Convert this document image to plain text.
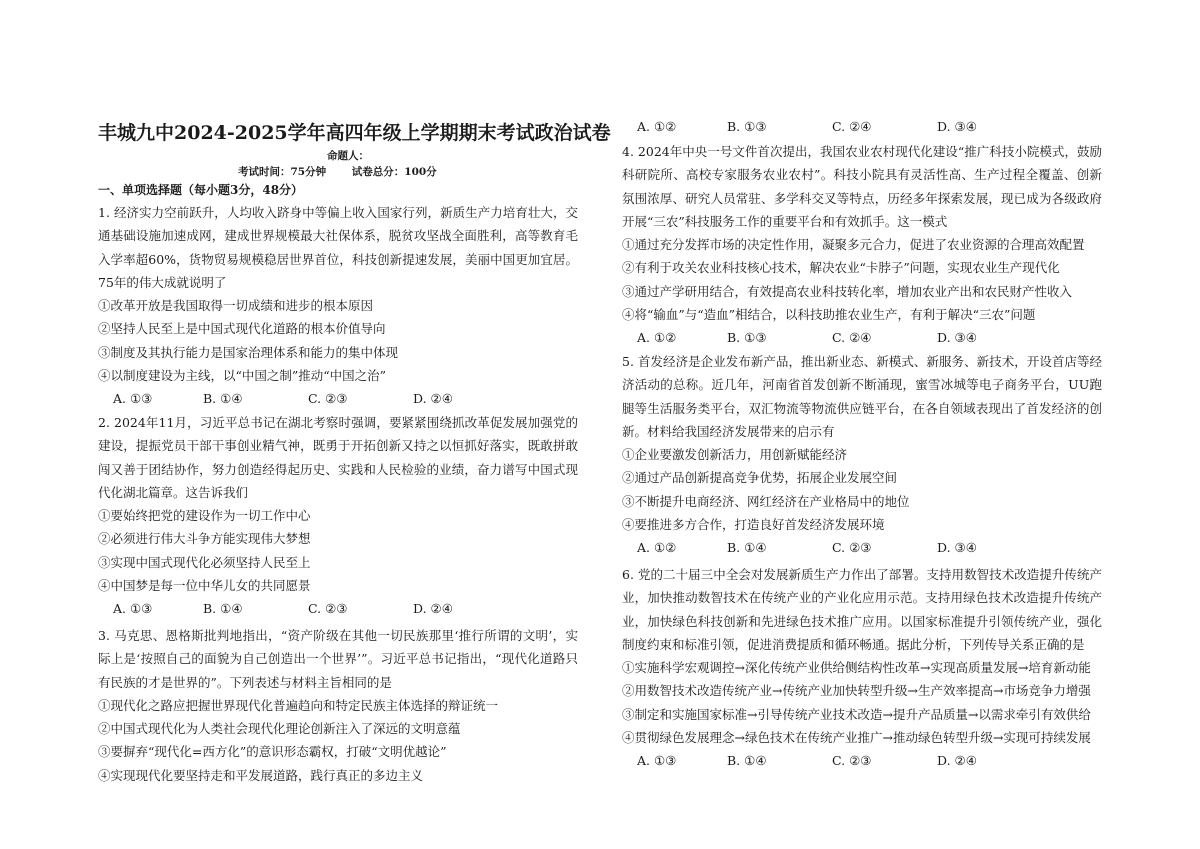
丰城九中2024-2025学年高四年级上学期期末考试政治试卷
命题人：
考试时间：75分钟 试卷总分：100分
一、单项选择题（每小题3分，48分）
1. 经济实力空前跃升，人均收入跻身中等偏上收入国家行列，新质生产力培育壮大，交通基础设施加速成网，建成世界规模最大社保体系，脱贫攻坚战全面胜利，高等教育毛入学率超60%，货物贸易规模稳居世界首位，科技创新提速发展，美丽中国更加宜居。75年的伟大成就说明了
①改革开放是我国取得一切成绩和进步的根本原因
②坚持人民至上是中国式现代化道路的根本价值导向
③制度及其执行能力是国家治理体系和能力的集中体现
④以制度建设为主线，以“中国之制”推动“中国之治”
A. ①③	B. ①④	C. ②③	D. ②④
2. 2024年11月，习近平总书记在湖北考察时强调，要紧紧围绕抓改革促发展加强党的建设，提振党员干部干事创业精气神，既勇于开拓创新又持之以恒抓好落实，既敢拼敢闯又善于团结协作，努力创造经得起历史、实践和人民检验的业绩，奋力谱写中国式现代化湖北篇章。这告诉我们
①要始终把党的建设作为一切工作中心
②必须进行伟大斗争方能实现伟大梦想
③实现中国式现代化必须坚持人民至上
④中国梦是每一位中华儿女的共同愿景
A. ①③	B. ①④	C. ②③	D. ②④
3. 马克思、恩格斯批判地指出，“资产阶级在其他一切民族那里‘推行所谓的文明’，实际上是‘按照自己的面貌为自己创造出一个世界’”。习近平总书记指出，“现代化道路只有民族的才是世界的”。下列表述与材料主旨相同的是
①现代化之路应把握世界现代化普遍趋向和特定民族主体选择的辩证统一
②中国式现代化为人类社会现代化理论创新注入了深远的文明意蕴
③要摒弃“现代化=西方化”的意识形态霸权，打破“文明优越论”
④实现现代化要坚持走和平发展道路，践行真正的多边主义
A. ①②	B. ①③	C. ②④	D. ③④
4. 2024年中央一号文件首次提出，我国农业农村现代化建设“推广科技小院模式，鼓励科研院所、高校专家服务农业农村”。科技小院具有灵活性高、生产过程全覆盖、创新氛围浓厚、研究人员常驻、多学科交叉等特点，历经多年探索发展，现已成为各级政府开展“三农”科技服务工作的重要平台和有效抓手。这一模式
①通过充分发挥市场的决定性作用，凝聚多元合力，促进了农业资源的合理高效配置
②有利于攻关农业科技核心技术，解决农业“卡脖子”问题，实现农业生产现代化
③通过产学研用结合，有效提高农业科技转化率，增加农业产出和农民财产性收入
④将“输血”与“造血”相结合，以科技助推农业生产，有利于解决“三农”问题
A. ①②	B. ①③	C. ②④	D. ③④
5. 首发经济是企业发布新产品，推出新业态、新模式、新服务、新技术，开设首店等经济活动的总称。近几年，河南省首发创新不断涌现，蜜雪冰城等电子商务平台，UU跑腿等生活服务类平台，双汇物流等物流供应链平台，在各自领域表现出了首发经济的创新。材料给我国经济发展带来的启示有
①企业要激发创新活力，用创新赋能经济
②通过产品创新提高竞争优势，拓展企业发展空间
③不断提升电商经济、网红经济在产业格局中的地位
④要推进多方合作，打造良好首发经济发展环境
A. ①②	B. ①④	C. ②③	D. ③④
6. 党的二十届三中全会对发展新质生产力作出了部署。支持用数智技术改造提升传统产业，加快推动数智技术在传统产业的产业化应用示范。支持用绿色技术改造提升传统产业，加快绿色科技创新和先进绿色技术推广应用。以国家标准提升引领传统产业，强化制度约束和标准引领，促进消费提质和循环畅通。据此分析，下列传导关系正确的是
①实施科学宏观调控→深化传统产业供给侧结构性改革→实现高质量发展→培育新动能
②用数智技术改造传统产业→传统产业加快转型升级→生产效率提高→市场竞争力增强
③制定和实施国家标准→引导传统产业技术改造→提升产品质量→以需求牵引有效供给
④贯彻绿色发展理念→绿色技术在传统产业推广→推动绿色转型升级→实现可持续发展
A. ①③	B. ①④	C. ②③	D. ②④
